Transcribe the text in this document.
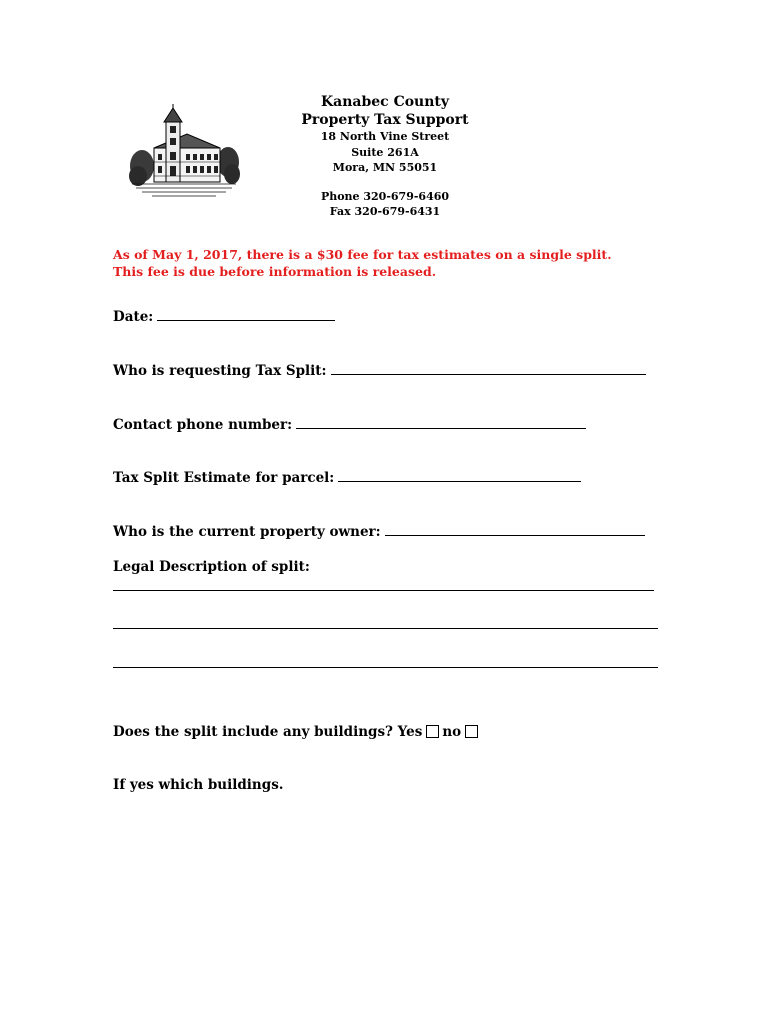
Kanabec County
Property Tax Support
18 North Vine Street
Suite 261A
Mora, MN 55051
Phone 320-679-6460
Fax 320-679-6431
As of May 1, 2017, there is a $30 fee for tax estimates on a single split.
This fee is due before information is released.
Date:
Who is requesting Tax Split:
Contact phone number:
Tax Split Estimate for parcel:
Who is the current property owner:
Legal Description of split:
Does the split include any buildings? Yes no
If yes which buildings.
